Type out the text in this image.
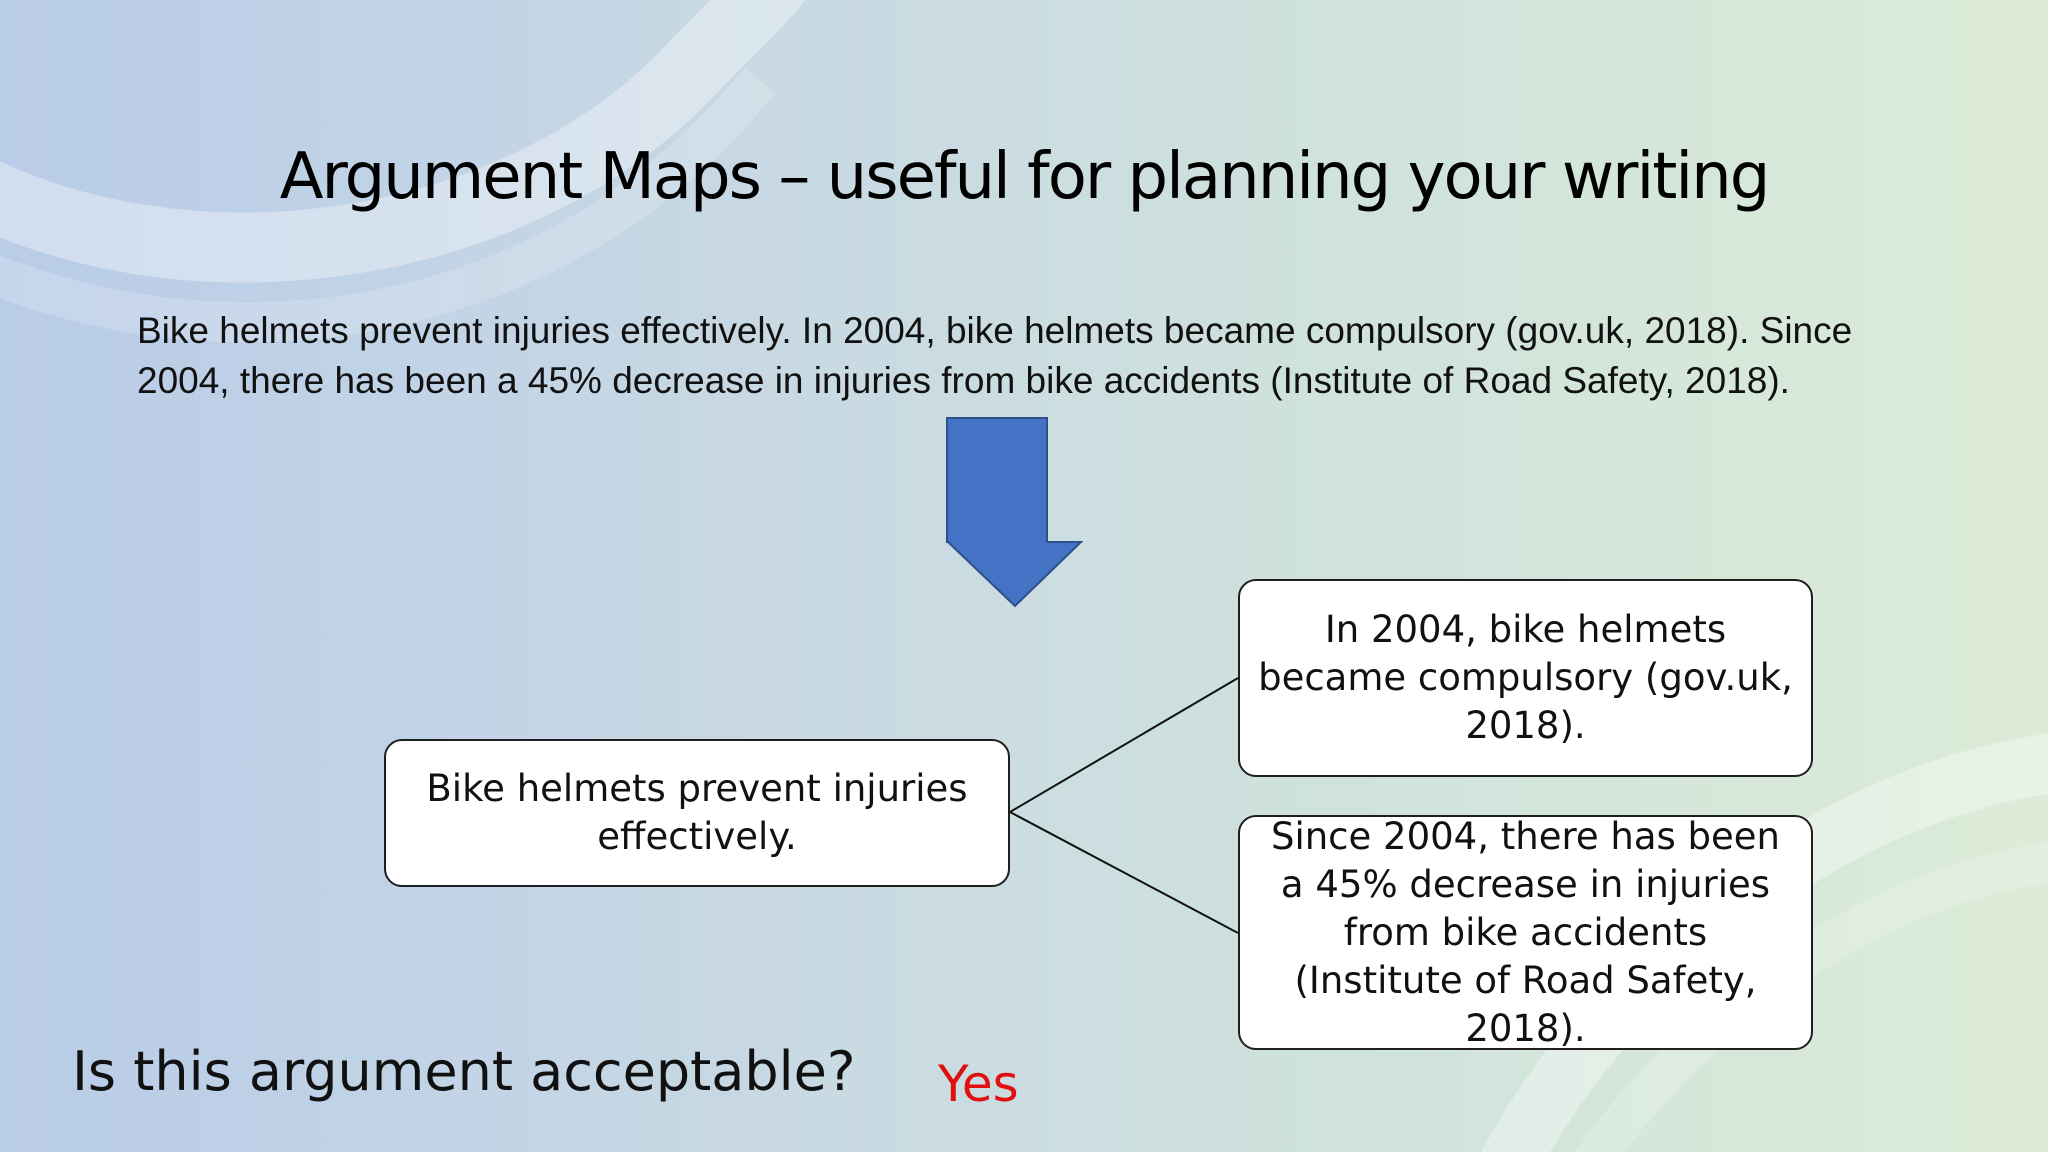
Argument Maps – useful for planning your writing
Bike helmets prevent injuries effectively. In 2004, bike helmets became compulsory (gov.uk, 2018). Since 2004, there has been a 45% decrease in injuries from bike accidents (Institute of Road Safety, 2018).
Bike helmets prevent injuries effectively.
In 2004, bike helmets became compulsory (gov.uk, 2018).
Since 2004, there has been a 45% decrease in injuries from bike accidents (Institute of Road Safety, 2018).
Is this argument acceptable? Yes
